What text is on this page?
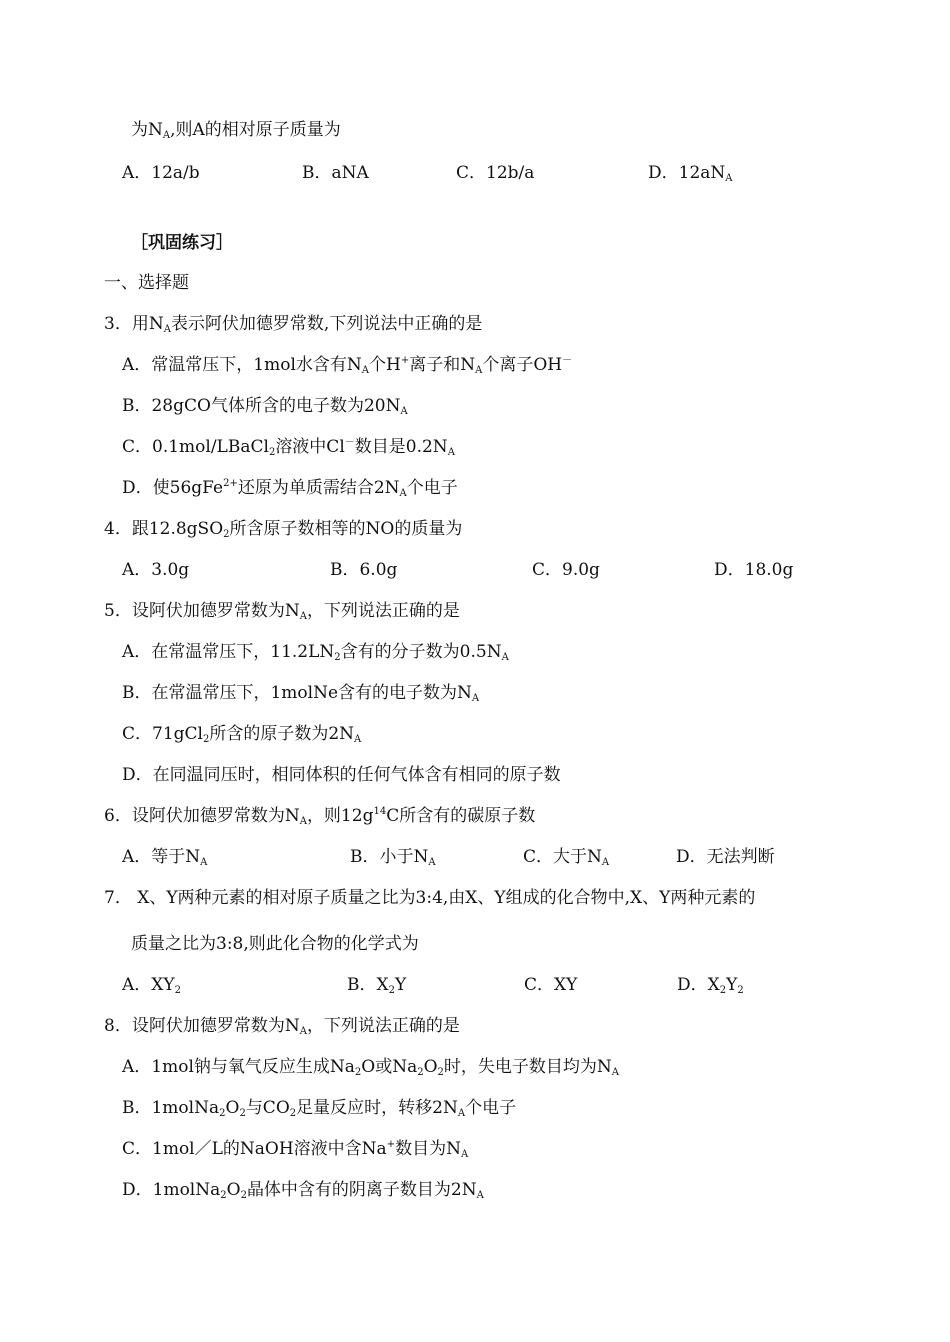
为$N_A$,则A的相对原子质量为
A．12a/b	B．aNA	C．12b/a	D．$12aN_A$
［巩固练习］
一、选择题
3．用$N_A$表示阿伏加德罗常数,下列说法中正确的是
A．常温常压下，1mol水含有$N_A$个H+离子和$N_A$个离子OH－
B．28gCO气体所含的电子数为$20N_A$
C．0.1mol/LBaCl$_2$溶液中Cl－数目是$0.2N_A$
D．使56gFe$^{2+}$还原为单质需结合$2N_A$个电子
4．跟12.8gSO$_2$所含原子数相等的NO的质量为
A．3.0g	B．6.0g	C．9.0g	D．18.0g
5．设阿伏加德罗常数为$N_A$，下列说法正确的是
A．在常温常压下，$11.2LN_2$含有的分子数为$0.5N_A$
B．在常温常压下，1molNe含有的电子数为$N_A$
C．71gCl$_2$所含的原子数为$2N_A$
D．在同温同压时，相同体积的任何气体含有相同的原子数
6．设阿伏加德罗常数为$N_A$，则$12g^{14}C$所含有的碳原子数
A．等于$N_A$	B．小于$N_A$	C．大于$N_A$	D．无法判断
7． X、Y两种元素的相对原子质量之比为3:4,由X、Y组成的化合物中,X、Y两种元素的
质量之比为3:8,则此化合物的化学式为
A．$XY_2$	B．$X_2Y$	C．XY	D．$X_2Y_2$
8．设阿伏加德罗常数为$N_A$，下列说法正确的是
A．1mol钠与氧气反应生成$Na_2O$或$Na_2O_2$时，失电子数目均为$N_A$
B．$1molNa_2O_2$与$CO_2$足量反应时，转移$2N_A$个电子
C．1mol／L的NaOH溶液中含Na+数目为$N_A$
D．$1molNa_2O_2$晶体中含有的阴离子数目为$2N_A$
